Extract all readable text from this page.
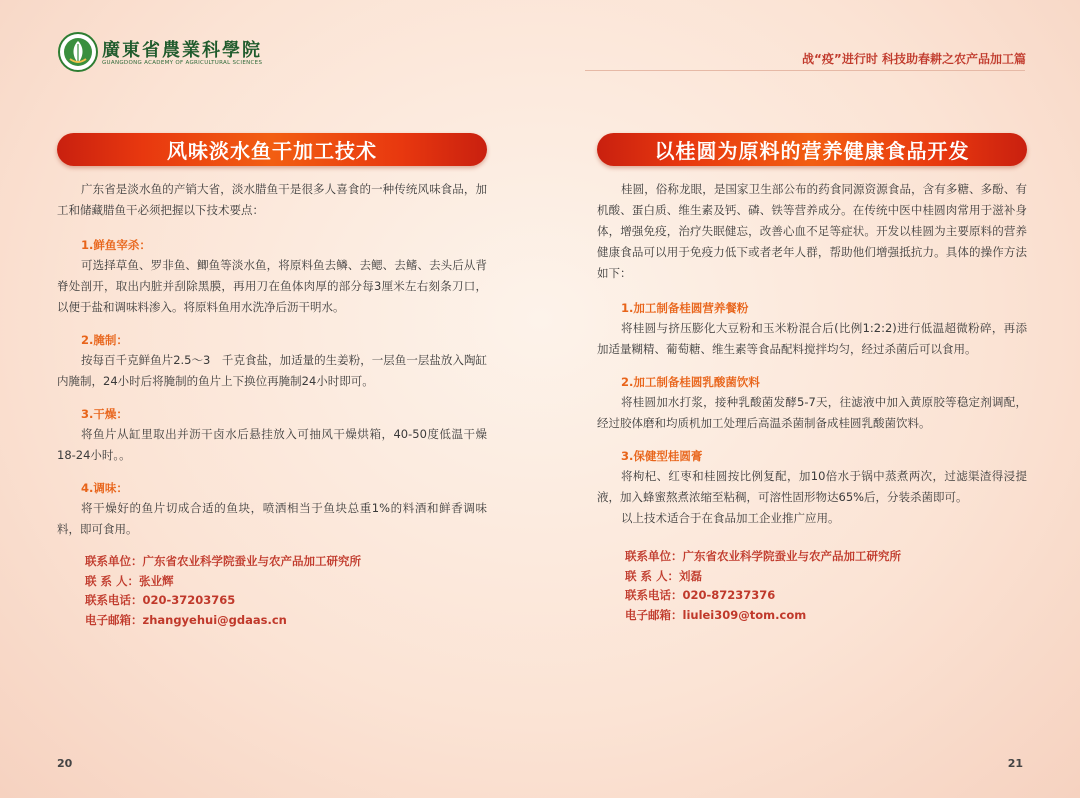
廣東省農業科學院
GUANGDONG ACADEMY OF AGRICULTURAL SCIENCES	战“疫”进行时 科技助春耕之农产品加工篇
风味淡水鱼干加工技术

广东省是淡水鱼的产销大省，淡水腊鱼干是很多人喜食的一种传统风味食品，加工和储藏腊鱼干必须把握以下技术要点：

1.鲜鱼宰杀：

可选择草鱼、罗非鱼、鲫鱼等淡水鱼，将原料鱼去鳞、去鳃、去鳍、去头后从背脊处剖开，取出内脏并刮除黑膜，再用刀在鱼体肉厚的部分每3厘米左右刻条刀口，以便于盐和调味料渗入。将原料鱼用水洗净后沥干明水。

2.腌制：

按每百千克鲜鱼片2.5～3　千克食盐，加适量的生姜粉，一层鱼一层盐放入陶缸内腌制，24小时后将腌制的鱼片上下换位再腌制24小时即可。

3.干燥：

将鱼片从缸里取出并沥干卤水后悬挂放入可抽风干燥烘箱，40-50度低温干燥18-24小时。。

4.调味：

将干燥好的鱼片切成合适的鱼块，喷洒相当于鱼块总重1%的料酒和鲜香调味料，即可食用。

联系单位：广东省农业科学院蚕业与农产品加工研究所
联 系 人：张业辉
联系电话：020-37203765
电子邮箱：zhangyehui@gdaas.cn
以桂圆为原料的营养健康食品开发

桂圆，俗称龙眼，是国家卫生部公布的药食同源资源食品，含有多糖、多酚、有机酸、蛋白质、维生素及钙、磷、铁等营养成分。在传统中医中桂圆肉常用于滋补身体，增强免疫，治疗失眠健忘，改善心血不足等症状。开发以桂圆为主要原料的营养健康食品可以用于免疫力低下或者老年人群，帮助他们增强抵抗力。具体的操作方法如下：

1.加工制备桂圆营养餐粉

将桂圆与挤压膨化大豆粉和玉米粉混合后(比例1:2:2)进行低温超微粉碎，再添加适量糊精、葡萄糖、维生素等食品配料搅拌均匀，经过杀菌后可以食用。

2.加工制备桂圆乳酸菌饮料

将桂圆加水打浆，接种乳酸菌发酵5-7天，往滤液中加入黄原胶等稳定剂调配，经过胶体磨和均质机加工处理后高温杀菌制备成桂圆乳酸菌饮料。

3.保健型桂圆膏

将枸杞、红枣和桂圆按比例复配，加10倍水于锅中蒸煮两次，过滤渠渣得浸提液，加入蜂蜜熬煮浓缩至粘稠，可溶性固形物达65%后，分装杀菌即可。

以上技术适合于在食品加工企业推广应用。

联系单位：广东省农业科学院蚕业与农产品加工研究所
联 系 人：刘磊
联系电话：020-87237376
电子邮箱：liulei309@tom.com
20	21
